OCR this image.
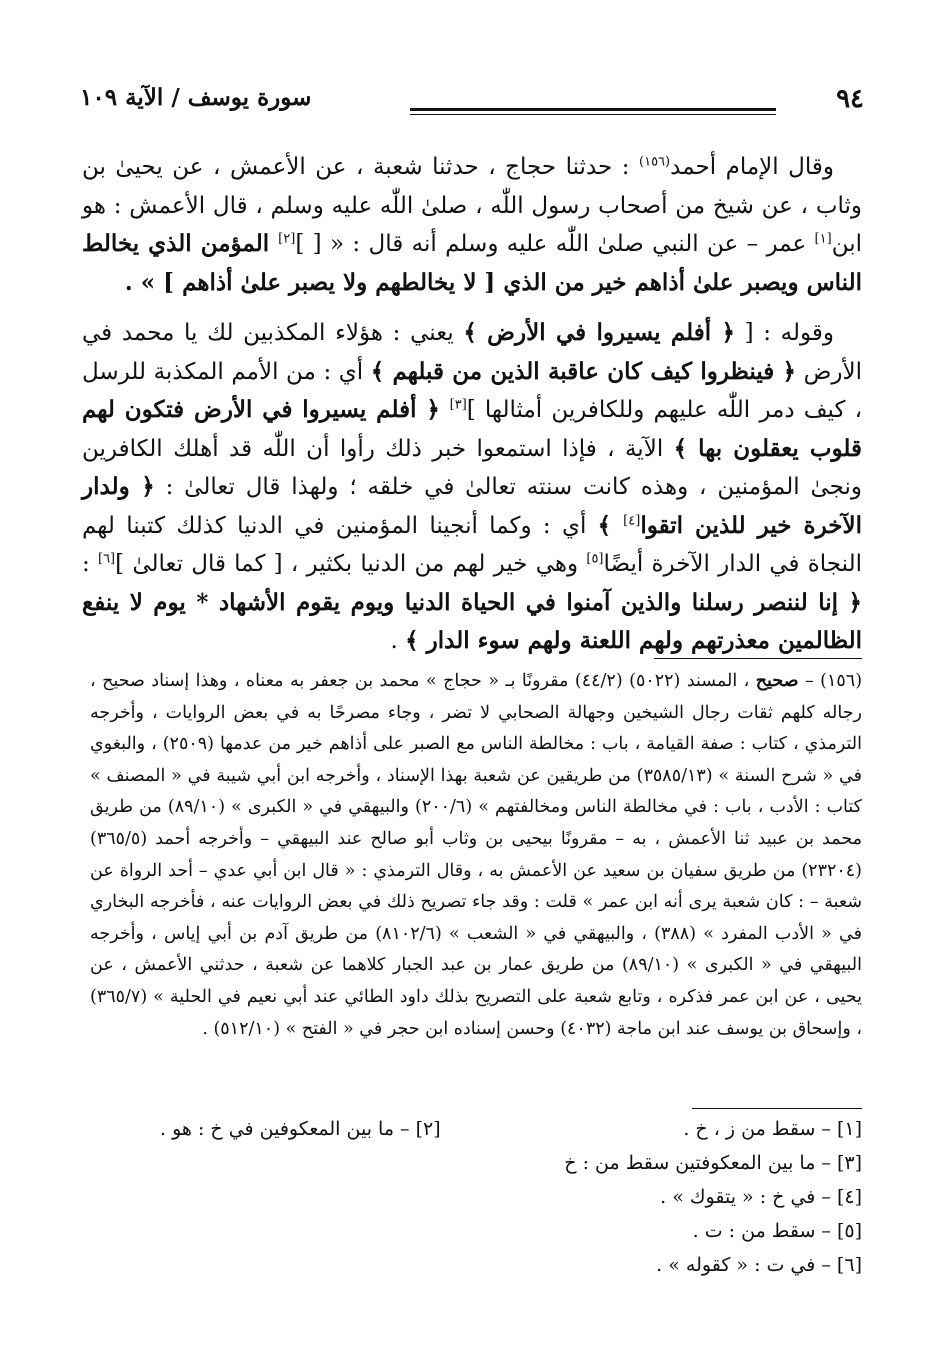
٩٤
سورة يوسف / الآية ١٠٩

وقال الإمام أحمد$^{(١٥٦)}$ : حدثنا حجاج ، حدثنا شعبة ، عن الأعمش ، عن يحيىٰ بن وثاب ، عن شيخ من أصحاب رسول اللّٰه ، صلىٰ اللّٰه عليه وسلم ، قال الأعمش : هو ابن[١] عمر – عن النبي صلىٰ اللّٰه عليه وسلم أنه قال : « [ ][٢] المؤمن الذي يخالط الناس ويصبر علىٰ أذاهم خير من الذي [ لا يخالطهم ولا يصبر علىٰ أذاهم ] » .

وقوله : [ ﴿ أفلم يسيروا في الأرض ﴾ يعني : هؤلاء المكذبين لك يا محمد في الأرض ﴿ فينظروا كيف كان عاقبة الذين من قبلهم ﴾ أي : من الأمم المكذبة للرسل ، كيف دمر اللّٰه عليهم وللكافرين أمثالها ][٣] ﴿ أفلم يسيروا في الأرض فتكون لهم قلوب يعقلون بها ﴾ الآية ، فإذا استمعوا خبر ذلك رأوا أن اللّٰه قد أهلك الكافرين ونجىٰ المؤمنين ، وهذه كانت سنته تعالىٰ في خلقه ؛ ولهذا قال تعالىٰ : ﴿ ولدار الآخرة خير للذين اتقوا[٤] ﴾ أي : وكما أنجينا المؤمنين في الدنيا كذلك كتبنا لهم النجاة في الدار الآخرة أيضًا[٥] وهي خير لهم من الدنيا بكثير ، [ كما قال تعالىٰ ][٦] : ﴿ إنا لننصر رسلنا والذين آمنوا في الحياة الدنيا ويوم يقوم الأشهاد * يوم لا ينفع الظالمين معذرتهم ولهم اللعنة ولهم سوء الدار ﴾ .

(١٥٦) – صحيح ، المسند (٥٠٢٢) (٤٤/٢) مقرونًا بـ « حجاج » محمد بن جعفر به معناه ، وهذا إسناد صحيح ، رجاله كلهم ثقات رجال الشيخين وجهالة الصحابي لا تضر ، وجاء مصرحًا به في بعض الروايات ، وأخرجه الترمذي ، كتاب : صفة القيامة ، باب : مخالطة الناس مع الصبر على أذاهم خير من عدمها (٢٥٠٩) ، والبغوي في « شرح السنة » (٣٥٨٥/١٣) من طريقين عن شعبة بهذا الإسناد ، وأخرجه ابن أبي شيبة في « المصنف » كتاب : الأدب ، باب : في مخالطة الناس ومخالفتهم » (٢٠٠/٦) والبيهقي في « الكبرى » (٨٩/١٠) من طريق محمد بن عبيد ثنا الأعمش ، به – مقرونًا بيحيى بن وثاب أبو صالح عند البيهقي – وأخرجه أحمد (٣٦٥/٥) (٢٣٢٠٤) من طريق سفيان بن سعيد عن الأعمش به ، وقال الترمذي : « قال ابن أبي عدي – أحد الرواة عن شعبة – : كان شعبة يرى أنه ابن عمر » قلت : وقد جاء تصريح ذلك في بعض الروايات عنه ، فأخرجه البخاري في « الأدب المفرد » (٣٨٨) ، والبيهقي في « الشعب » (٨١٠٢/٦) من طريق آدم بن أبي إياس ، وأخرجه البيهقي في « الكبرى » (٨٩/١٠) من طريق عمار بن عبد الجبار كلاهما عن شعبة ، حدثني الأعمش ، عن يحيى ، عن ابن عمر فذكره ، وتابع شعبة على التصريح بذلك داود الطائي عند أبي نعيم في الحلية » (٣٦٥/٧) ، وإسحاق بن يوسف عند ابن ماجة (٤٠٣٢) وحسن إسناده ابن حجر في « الفتح » (٥١٢/١٠) .

[١] – سقط من ز ، خ .
[٢] – ما بين المعكوفين في خ : هو .
[٣] – ما بين المعكوفتين سقط من : خ
[٤] – في خ : « يتقوك » .
[٥] – سقط من : ت .
[٦] – في ت : « كقوله » .
